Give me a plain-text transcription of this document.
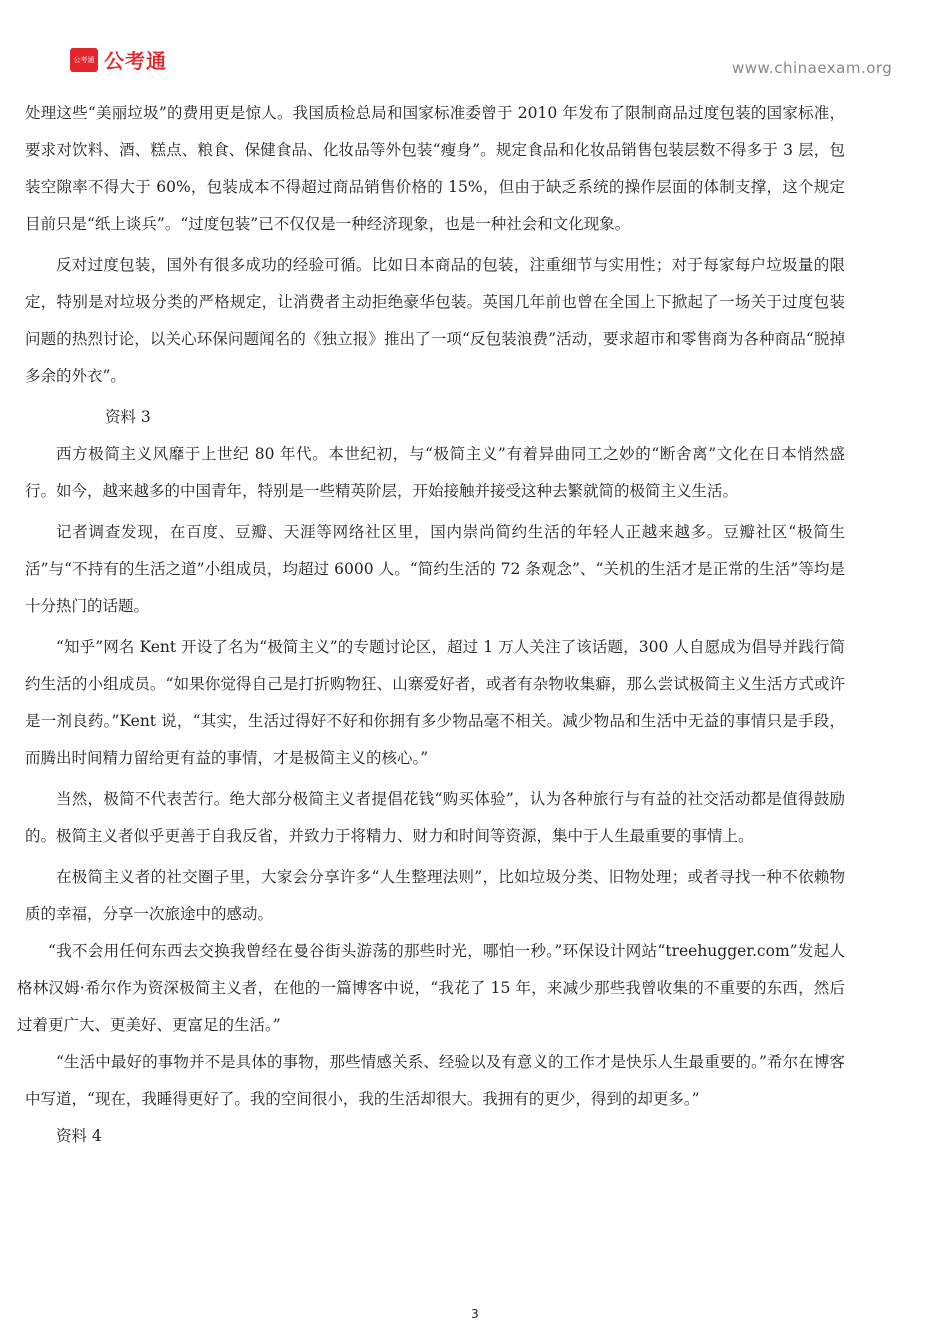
公考通 公考通	www.chinaexam.org

处理这些“美丽垃圾”的费用更是惊人。我国质检总局和国家标准委曾于 2010 年发布了限制商品过度包装的国家标准，要求对饮料、酒、糕点、粮食、保健食品、化妆品等外包装“瘦身”。规定食品和化妆品销售包装层数不得多于 3 层，包装空隙率不得大于 60%，包装成本不得超过商品销售价格的 15%，但由于缺乏系统的操作层面的体制支撑，这个规定目前只是“纸上谈兵”。“过度包装”已不仅仅是一种经济现象，也是一种社会和文化现象。

反对过度包装，国外有很多成功的经验可循。比如日本商品的包装，注重细节与实用性；对于每家每户垃圾量的限定，特别是对垃圾分类的严格规定，让消费者主动拒绝豪华包装。英国几年前也曾在全国上下掀起了一场关于过度包装问题的热烈讨论，以关心环保问题闻名的《独立报》推出了一项“反包装浪费”活动，要求超市和零售商为各种商品“脱掉多余的外衣”。

资料 3

西方极简主义风靡于上世纪 80 年代。本世纪初，与“极简主义”有着异曲同工之妙的“断舍离”文化在日本悄然盛行。如今，越来越多的中国青年，特别是一些精英阶层，开始接触并接受这种去繁就简的极简主义生活。

记者调查发现，在百度、豆瓣、天涯等网络社区里，国内崇尚简约生活的年轻人正越来越多。豆瓣社区“极简生活”与“不持有的生活之道”小组成员，均超过 6000 人。“简约生活的 72 条观念”、“关机的生活才是正常的生活”等均是十分热门的话题。

“知乎”网名 Kent 开设了名为“极简主义”的专题讨论区，超过 1 万人关注了该话题，300 人自愿成为倡导并践行简约生活的小组成员。“如果你觉得自己是打折购物狂、山寨爱好者，或者有杂物收集癖，那么尝试极简主义生活方式或许是一剂良药。”Kent 说，“其实，生活过得好不好和你拥有多少物品毫不相关。减少物品和生活中无益的事情只是手段，而腾出时间精力留给更有益的事情，才是极简主义的核心。”

当然，极简不代表苦行。绝大部分极简主义者提倡花钱“购买体验”，认为各种旅行与有益的社交活动都是值得鼓励的。极简主义者似乎更善于自我反省，并致力于将精力、财力和时间等资源，集中于人生最重要的事情上。

在极简主义者的社交圈子里，大家会分享许多“人生整理法则”，比如垃圾分类、旧物处理；或者寻找一种不依赖物质的幸福，分享一次旅途中的感动。

“我不会用任何东西去交换我曾经在曼谷街头游荡的那些时光，哪怕一秒。”环保设计网站“treehugger.com”发起人格林汉姆·希尔作为资深极简主义者，在他的一篇博客中说，“我花了 15 年，来减少那些我曾收集的不重要的东西，然后过着更广大、更美好、更富足的生活。”

“生活中最好的事物并不是具体的事物，那些情感关系、经验以及有意义的工作才是快乐人生最重要的。”希尔在博客中写道，“现在，我睡得更好了。我的空间很小，我的生活却很大。我拥有的更少，得到的却更多。”

资料 4

3
